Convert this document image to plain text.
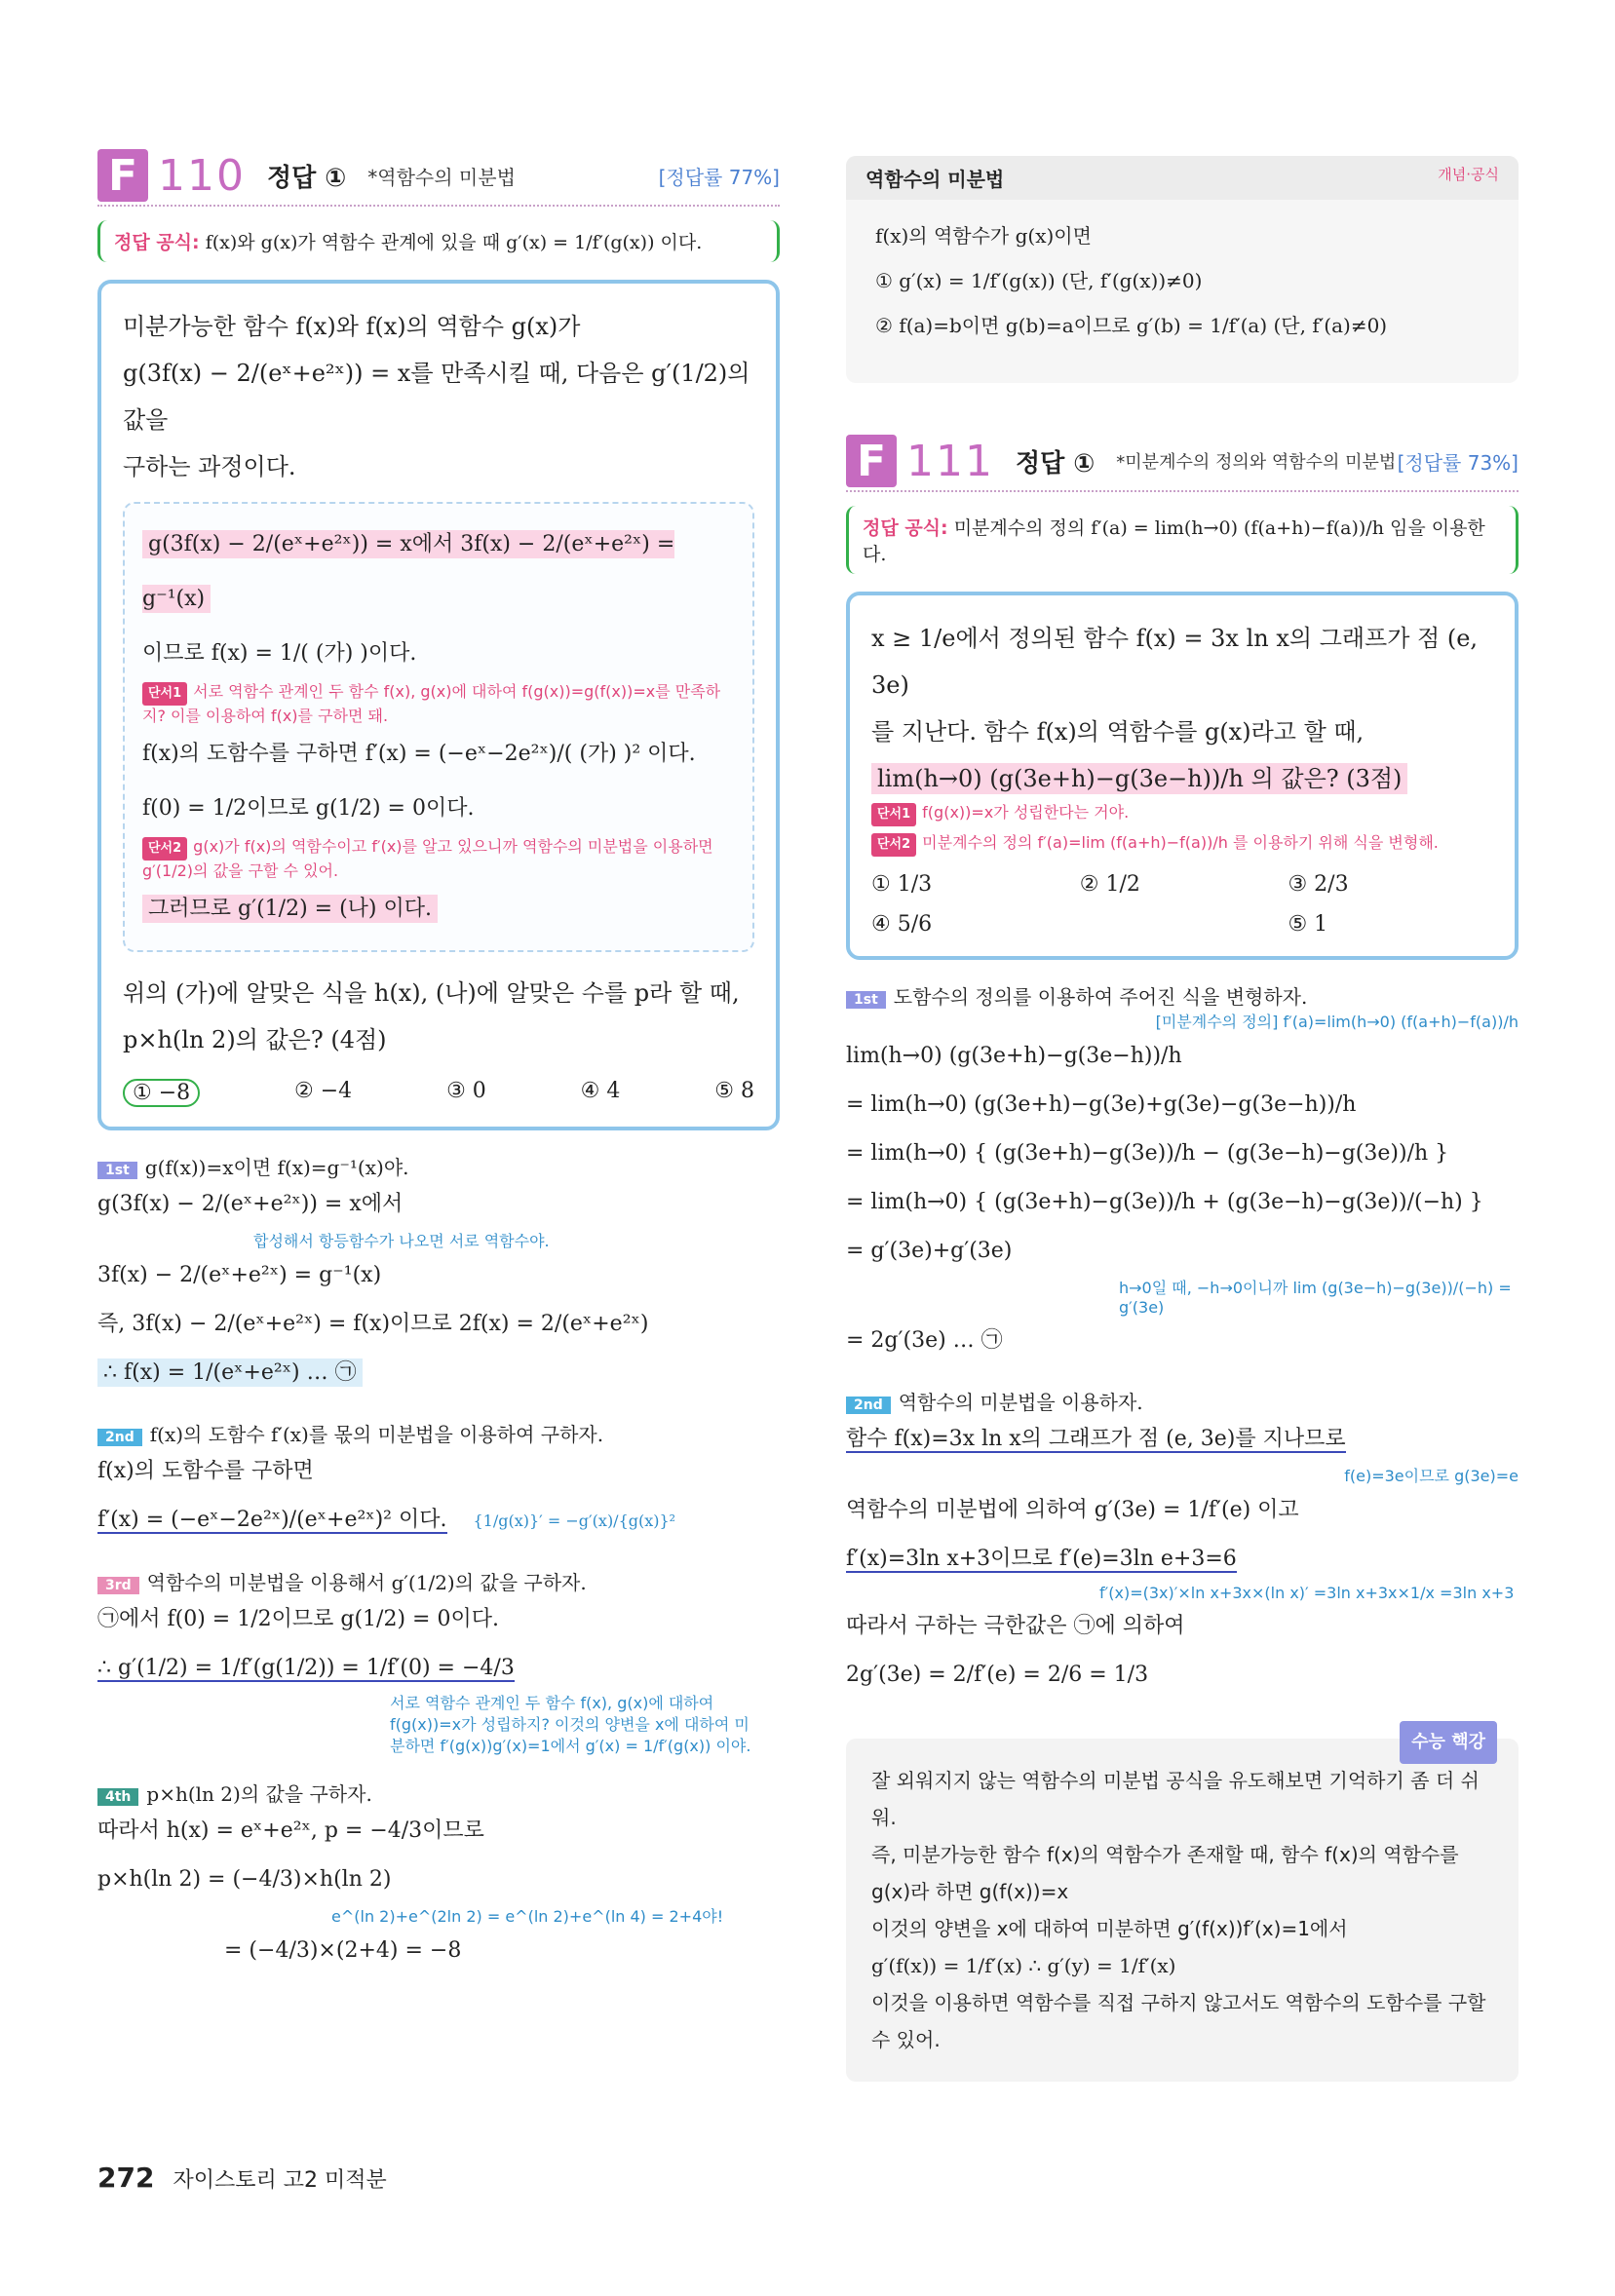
F 110 정답 ① *역함수의 미분법	[정답률 77%]
정답 공식: f(x)와 g(x)가 역함수 관계에 있을 때 g′(x) = 1/f′(g(x)) 이다.
미분가능한 함수 f(x)와 f(x)의 역함수 g(x)가
g(3f(x) − 2/(eˣ+e²ˣ)) = x를 만족시킬 때, 다음은 g′(1/2)의 값을
구하는 과정이다.
g(3f(x) − 2/(eˣ+e²ˣ)) = x에서 3f(x) − 2/(eˣ+e²ˣ) = g⁻¹(x)
이므로 f(x) = 1/( (가) )이다.
단서1 서로 역함수 관계인 두 함수 f(x), g(x)에 대하여 f(g(x))=g(f(x))=x를 만족하지? 이를 이용하여 f(x)를 구하면 돼.
f(x)의 도함수를 구하면 f′(x) = (−eˣ−2e²ˣ)/( (가) )² 이다.
f(0) = 1/2이므로 g(1/2) = 0이다.
단서2 g(x)가 f(x)의 역함수이고 f′(x)를 알고 있으니까 역함수의 미분법을 이용하면 g′(1/2)의 값을 구할 수 있어.
그러므로 g′(1/2) = (나) 이다.
위의 (가)에 알맞은 식을 h(x), (나)에 알맞은 수를 p라 할 때,
p×h(ln 2)의 값은? (4점)
① −8	② −4	③ 0	④ 4	⑤ 8
1st g(f(x))=x이면 f(x)=g⁻¹(x)야.
g(3f(x) − 2/(eˣ+e²ˣ)) = x에서
합성해서 항등함수가 나오면 서로 역함수야.
3f(x) − 2/(eˣ+e²ˣ) = g⁻¹(x)
즉, 3f(x) − 2/(eˣ+e²ˣ) = f(x)이므로 2f(x) = 2/(eˣ+e²ˣ)
∴ f(x) = 1/(eˣ+e²ˣ) … ㉠
2nd f(x)의 도함수 f′(x)를 몫의 미분법을 이용하여 구하자.
f(x)의 도함수를 구하면
f′(x) = (−eˣ−2e²ˣ)/(eˣ+e²ˣ)² 이다. {1/g(x)}′ = −g′(x)/{g(x)}²
3rd 역함수의 미분법을 이용해서 g′(1/2)의 값을 구하자.
㉠에서 f(0) = 1/2이므로 g(1/2) = 0이다.
∴ g′(1/2) = 1/f′(g(1/2)) = 1/f′(0) = −4/3
서로 역함수 관계인 두 함수 f(x), g(x)에 대하여 f(g(x))=x가 성립하지? 이것의 양변을 x에 대하여 미분하면 f′(g(x))g′(x)=1에서 g′(x) = 1/f′(g(x)) 이야.
4th p×h(ln 2)의 값을 구하자.
따라서 h(x) = eˣ+e²ˣ, p = −4/3이므로
p×h(ln 2) = (−4/3)×h(ln 2)
e^(ln 2)+e^(2ln 2) = e^(ln 2)+e^(ln 4) = 2+4야!
= (−4/3)×(2+4) = −8
역함수의 미분법	개념·공식
f(x)의 역함수가 g(x)이면
① g′(x) = 1/f′(g(x)) (단, f′(g(x))≠0)
② f(a)=b이면 g(b)=a이므로 g′(b) = 1/f′(a) (단, f′(a)≠0)
F 111 정답 ① *미분계수의 정의와 역함수의 미분법 [정답률 73%]
정답 공식: 미분계수의 정의 f′(a) = lim(h→0) (f(a+h)−f(a))/h 임을 이용한다.
x ≥ 1/e에서 정의된 함수 f(x) = 3x ln x의 그래프가 점 (e, 3e)
를 지난다. 함수 f(x)의 역함수를 g(x)라고 할 때,
lim(h→0) (g(3e+h)−g(3e−h))/h 의 값은? (3점)
단서1 f(g(x))=x가 성립한다는 거야.
단서2 미분계수의 정의 f′(a)=lim (f(a+h)−f(a))/h 를 이용하기 위해 식을 변형해.
① 1/3	② 1/2	③ 2/3
④ 5/6	⑤ 1
1st 도함수의 정의를 이용하여 주어진 식을 변형하자.
[미분계수의 정의] f′(a)=lim(h→0) (f(a+h)−f(a))/h
lim(h→0) (g(3e+h)−g(3e−h))/h
= lim(h→0) (g(3e+h)−g(3e)+g(3e)−g(3e−h))/h
= lim(h→0) { (g(3e+h)−g(3e))/h − (g(3e−h)−g(3e))/h }
= lim(h→0) { (g(3e+h)−g(3e))/h + (g(3e−h)−g(3e))/(−h) }
= g′(3e)+g′(3e)
h→0일 때, −h→0이니까 lim (g(3e−h)−g(3e))/(−h) = g′(3e)
= 2g′(3e) … ㉠
2nd 역함수의 미분법을 이용하자.
함수 f(x)=3x ln x의 그래프가 점 (e, 3e)를 지나므로
f(e)=3e이므로 g(3e)=e
역함수의 미분법에 의하여 g′(3e) = 1/f′(e) 이고
f′(x)=3ln x+3이므로 f′(e)=3ln e+3=6
f′(x)=(3x)′×ln x+3x×(ln x)′ =3ln x+3x×1/x =3ln x+3
따라서 구하는 극한값은 ㉠에 의하여
2g′(3e) = 2/f′(e) = 2/6 = 1/3
수능 핵강
잘 외워지지 않는 역함수의 미분법 공식을 유도해보면 기억하기 좀 더 쉬워.
즉, 미분가능한 함수 f(x)의 역함수가 존재할 때, 함수 f(x)의 역함수를
g(x)라 하면 g(f(x))=x
이것의 양변을 x에 대하여 미분하면 g′(f(x))f′(x)=1에서
g′(f(x)) = 1/f′(x) ∴ g′(y) = 1/f′(x)
이것을 이용하면 역함수를 직접 구하지 않고서도 역함수의 도함수를 구할
수 있어.
272 자이스토리 고2 미적분
